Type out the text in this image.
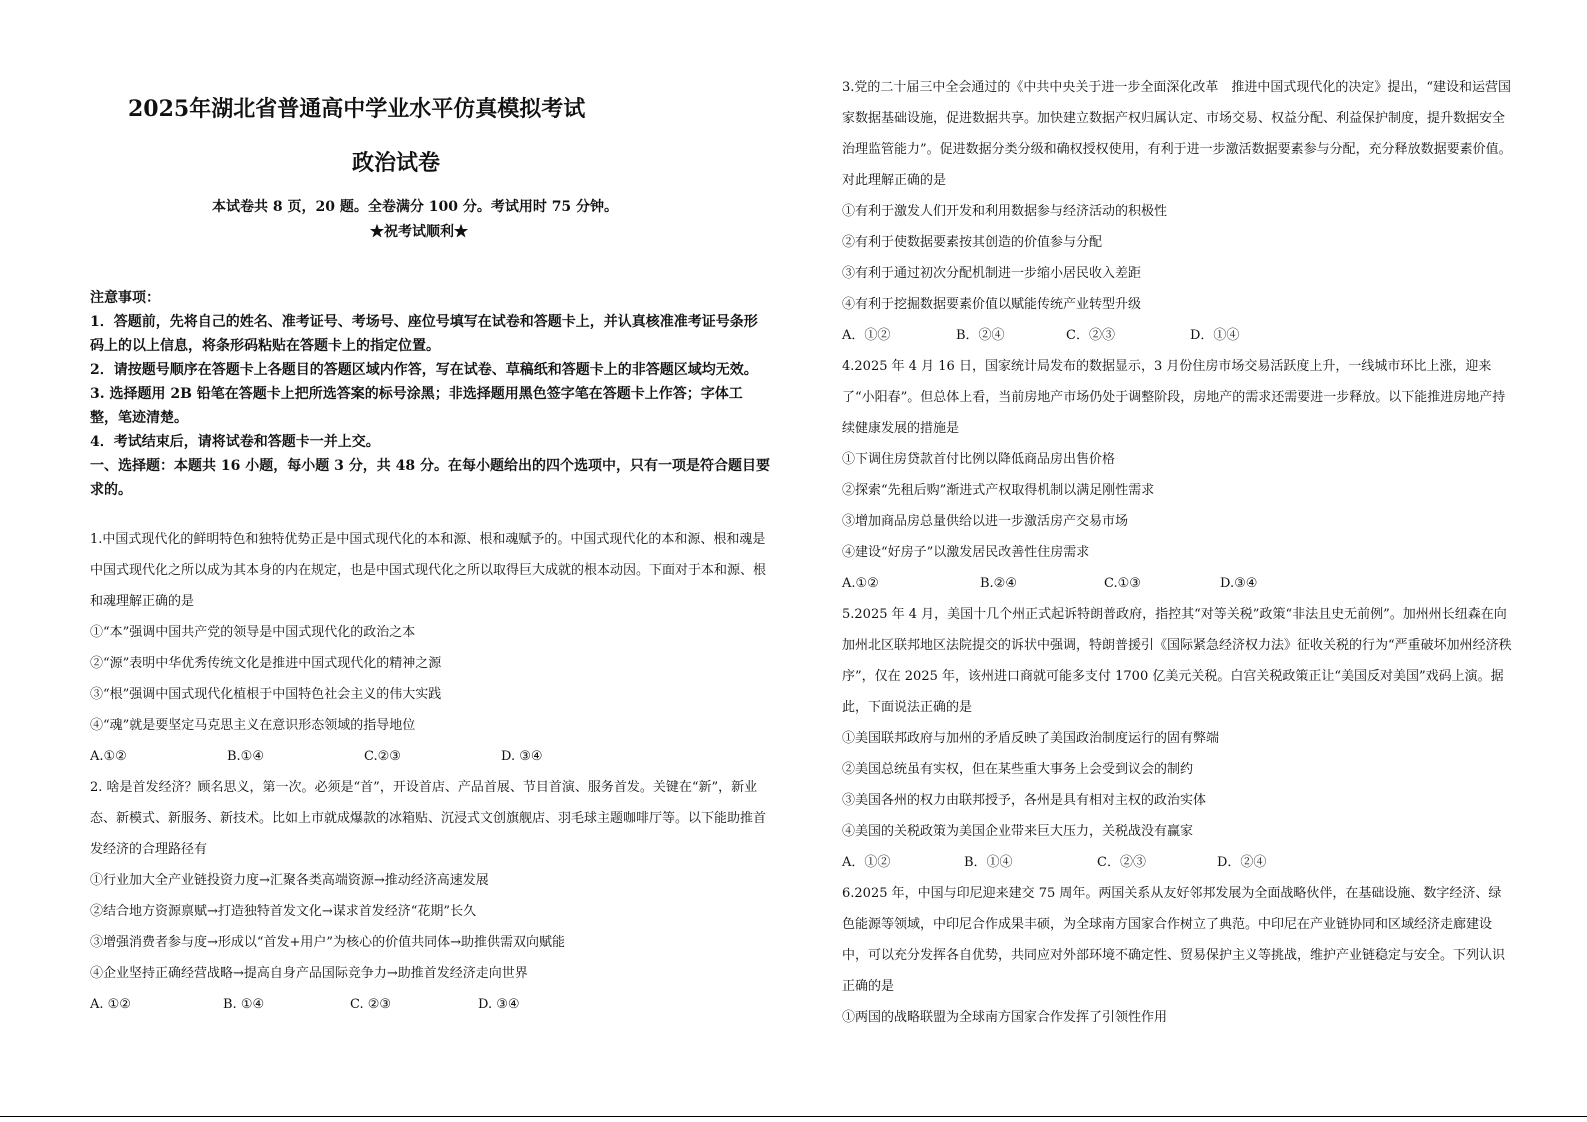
2025年湖北省普通高中学业水平仿真模拟考试
政治试卷
本试卷共 8 页，20 题。全卷满分 100 分。考试用时 75 分钟。
★祝考试顺利★

注意事项：

1．答题前，先将自己的姓名、准考证号、考场号、座位号填写在试卷和答题卡上，并认真核准准考证号条形码上的以上信息，将条形码粘贴在答题卡上的指定位置。

2．请按题号顺序在答题卡上各题目的答题区域内作答，写在试卷、草稿纸和答题卡上的非答题区域均无效。

3. 选择题用 2B 铅笔在答题卡上把所选答案的标号涂黑；非选择题用黑色签字笔在答题卡上作答；字体工整，笔迹清楚。

4．考试结束后，请将试卷和答题卡一并上交。

一、选择题：本题共 16 小题，每小题 3 分，共 48 分。在每小题给出的四个选项中，只有一项是符合题目要求的。

1.中国式现代化的鲜明特色和独特优势正是中国式现代化的本和源、根和魂赋予的。中国式现代化的本和源、根和魂是中国式现代化之所以成为其本身的内在规定，也是中国式现代化之所以取得巨大成就的根本动因。下面对于本和源、根和魂理解正确的是

①“本”强调中国共产党的领导是中国式现代化的政治之本

②“源”表明中华优秀传统文化是推进中国式现代化的精神之源

③“根”强调中国式现代化植根于中国特色社会主义的伟大实践

④“魂”就是要坚定马克思主义在意识形态领域的指导地位

A.①②	B.①④	C.②③	D. ③④

2. 啥是首发经济？顾名思义，第一次。必须是“首”，开设首店、产品首展、节目首演、服务首发。关键在“新”，新业态、新模式、新服务、新技术。比如上市就成爆款的冰箱贴、沉浸式文创旗舰店、羽毛球主题咖啡厅等。以下能助推首发经济的合理路径有

①行业加大全产业链投资力度→汇聚各类高端资源→推动经济高速发展

②结合地方资源禀赋→打造独特首发文化→谋求首发经济“花期”长久

③增强消费者参与度→形成以“首发+用户”为核心的价值共同体→助推供需双向赋能

④企业坚持正确经营战略→提高自身产品国际竞争力→助推首发经济走向世界

A. ①②	B. ①④	C. ②③	D. ③④

3.党的二十届三中全会通过的《中共中央关于进一步全面深化改革　推进中国式现代化的决定》提出，“建设和运营国家数据基础设施，促进数据共享。加快建立数据产权归属认定、市场交易、权益分配、利益保护制度，提升数据安全治理监管能力”。促进数据分类分级和确权授权使用，有利于进一步激活数据要素参与分配，充分释放数据要素价值。对此理解正确的是

①有利于激发人们开发和利用数据参与经济活动的积极性

②有利于使数据要素按其创造的价值参与分配

③有利于通过初次分配机制进一步缩小居民收入差距

④有利于挖掘数据要素价值以赋能传统产业转型升级

A．①②	B．②④	C．②③	D．①④

4.2025 年 4 月 16 日，国家统计局发布的数据显示，3 月份住房市场交易活跃度上升，一线城市环比上涨，迎来了“小阳春”。但总体上看，当前房地产市场仍处于调整阶段，房地产的需求还需要进一步释放。以下能推进房地产持续健康发展的措施是

①下调住房贷款首付比例以降低商品房出售价格

②探索“先租后购”渐进式产权取得机制以满足刚性需求

③增加商品房总量供给以进一步激活房产交易市场

④建设“好房子”以激发居民改善性住房需求

A.①②	B.②④	C.①③	D.③④

5.2025 年 4 月，美国十几个州正式起诉特朗普政府，指控其“对等关税”政策“非法且史无前例”。加州州长纽森在向加州北区联邦地区法院提交的诉状中强调，特朗普援引《国际紧急经济权力法》征收关税的行为“严重破坏加州经济秩序”，仅在 2025 年，该州进口商就可能多支付 1700 亿美元关税。白宫关税政策正让“美国反对美国”戏码上演。据此，下面说法正确的是

①美国联邦政府与加州的矛盾反映了美国政治制度运行的固有弊端

②美国总统虽有实权，但在某些重大事务上会受到议会的制约

③美国各州的权力由联邦授予，各州是具有相对主权的政治实体

④美国的关税政策为美国企业带来巨大压力，关税战没有赢家

A．①②	B．①④	C．②③	D．②④

6.2025 年，中国与印尼迎来建交 75 周年。两国关系从友好邻邦发展为全面战略伙伴，在基础设施、数字经济、绿色能源等领域，中印尼合作成果丰硕，为全球南方国家合作树立了典范。中印尼在产业链协同和区域经济走廊建设中，可以充分发挥各自优势，共同应对外部环境不确定性、贸易保护主义等挑战，维护产业链稳定与安全。下列认识正确的是

①两国的战略联盟为全球南方国家合作发挥了引领性作用
